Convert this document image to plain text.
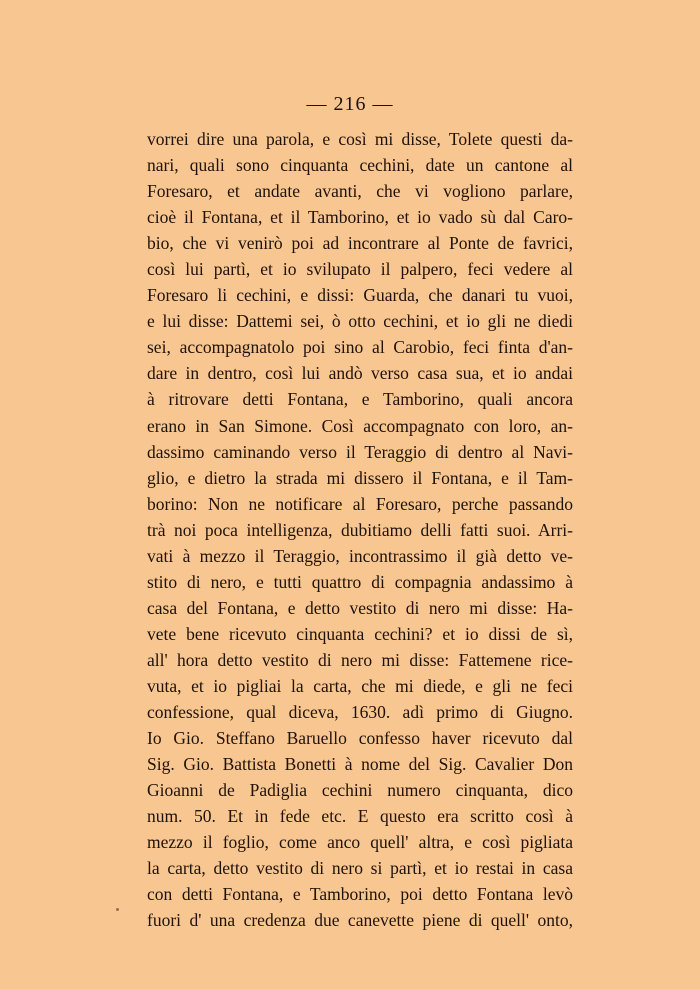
— 216 —
vorrei dire una parola, e così mi disse, Tolete questi da-
nari, quali sono cinquanta cechini, date un cantone al
Foresaro, et andate avanti, che vi vogliono parlare,
cioè il Fontana, et il Tamborino, et io vado sù dal Caro-
bio, che vi venirò poi ad incontrare al Ponte de favrici,
così lui partì, et io svilupato il palpero, feci vedere al
Foresaro li cechini, e dissi: Guarda, che danari tu vuoi,
e lui disse: Dattemi sei, ò otto cechini, et io gli ne diedi
sei, accompagnatolo poi sino al Carobio, feci finta d'an-
dare in dentro, così lui andò verso casa sua, et io andai
à ritrovare detti Fontana, e Tamborino, quali ancora
erano in San Simone. Così accompagnato con loro, an-
dassimo caminando verso il Teraggio di dentro al Navi-
glio, e dietro la strada mi dissero il Fontana, e il Tam-
borino: Non ne notificare al Foresaro, perche passando
trà noi poca intelligenza, dubitiamo delli fatti suoi. Arri-
vati à mezzo il Teraggio, incontrassimo il già detto ve-
stito di nero, e tutti quattro di compagnia andassimo à
casa del Fontana, e detto vestito di nero mi disse: Ha-
vete bene ricevuto cinquanta cechini? et io dissi de sì,
all' hora detto vestito di nero mi disse: Fattemene rice-
vuta, et io pigliai la carta, che mi diede, e gli ne feci
confessione, qual diceva, 1630. adì primo di Giugno.
Io Gio. Steffano Baruello confesso haver ricevuto dal
Sig. Gio. Battista Bonetti à nome del Sig. Cavalier Don
Gioanni de Padiglia cechini numero cinquanta, dico
num. 50. Et in fede etc. E questo era scritto così à
mezzo il foglio, come anco quell' altra, e così pigliata
la carta, detto vestito di nero si partì, et io restai in casa
con detti Fontana, e Tamborino, poi detto Fontana levò
fuori d' una credenza due canevette piene di quell' onto,
